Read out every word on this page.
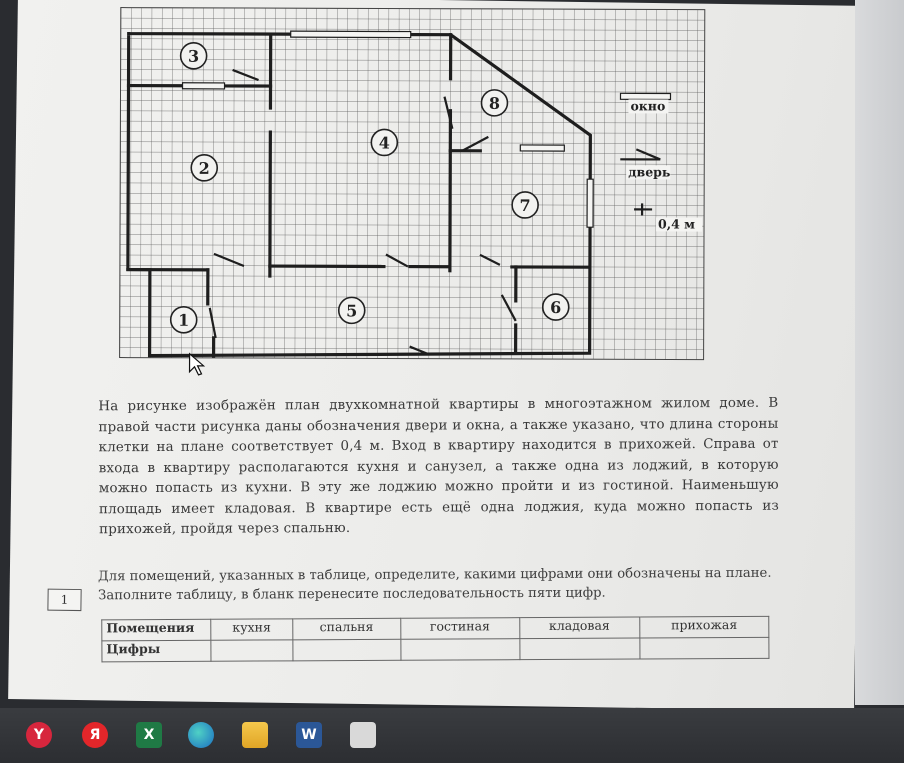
3
2
4
8
7
1	5	6
окно
дверь
0,4 м
На рисунке изображён план двухкомнатной квартиры в многоэтажном жилом доме. В правой части рисунка даны обозначения двери и окна, а также указано, что длина стороны клетки на плане соответствует 0,4 м. Вход в квартиру находится в прихожей. Справа от входа в квартиру располагаются кухня и санузел, а также одна из лоджий, в которую можно попасть из кухни. В эту же лоджию можно пройти и из гостиной. Наименьшую площадь имеет кладовая. В квартире есть ещё одна лоджия, куда можно попасть из прихожей, пройдя через спальню.
1
Для помещений, указанных в таблице, определите, какими цифрами они обозначены на плане. Заполните таблицу, в бланк перенесите последовательность пяти цифр.
Помещения	кухня	спальня	гостиная	кладовая	прихожая
Цифры					
Y	Я	X	W
